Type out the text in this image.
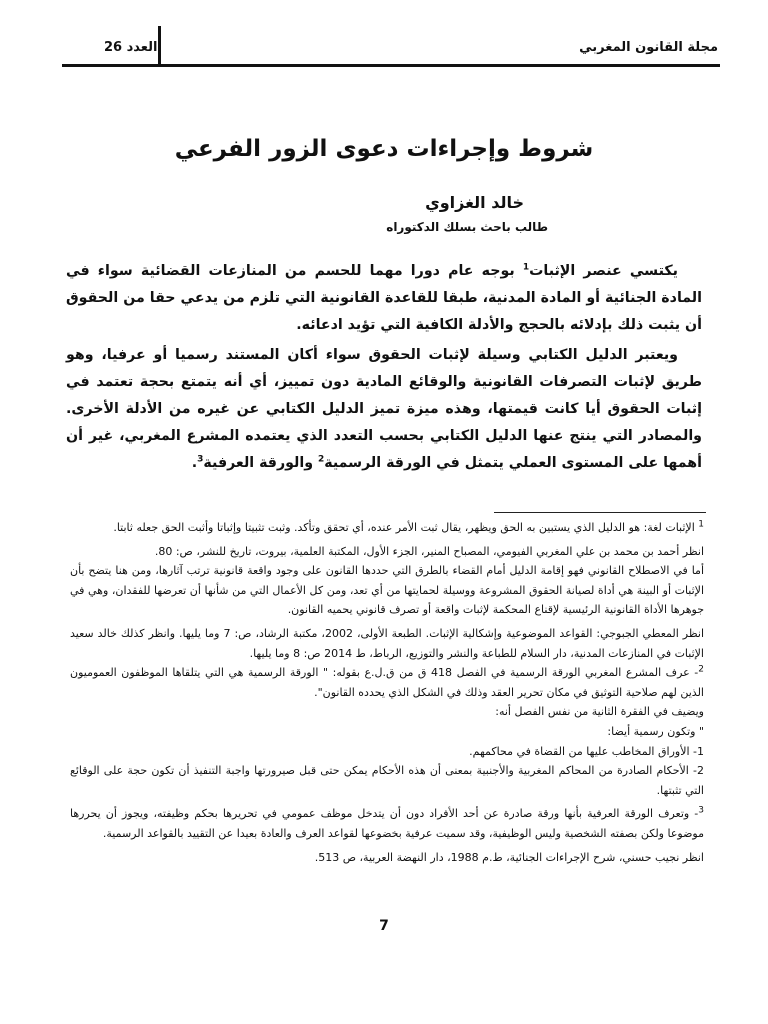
مجلة القانون المغربي
العدد 26
شروط وإجراءات دعوى الزور الفرعي
خالد الغزاوي
طالب باحث بسلك الدكتوراه

يكتسي عنصر الإثبات$^1$ بوجه عام دورا مهما للحسم من المنازعات القضائية سواء في المادة الجنائية أو المادة المدنية، طبقا للقاعدة القانونية التي تلزم من يدعي حقا من الحقوق أن يثبت ذلك بإدلائه بالحجج والأدلة الكافية التي تؤيد ادعائه.

ويعتبر الدليل الكتابي وسيلة لإثبات الحقوق سواء أكان المستند رسميا أو عرفيا، وهو طريق لإثبات التصرفات القانونية والوقائع المادية دون تمييز، أي أنه يتمتع بحجة تعتمد في إثبات الحقوق أيا كانت قيمتها، وهذه ميزة تميز الدليل الكتابي عن غيره من الأدلة الأخرى. والمصادر التي ينتج عنها الدليل الكتابي بحسب التعدد الذي يعتمده المشرع المغربي، غير أن أهمها على المستوى العملي يتمثل في الورقة الرسمية$^2$ والورقة العرفية$^3$.

$^1$ الإثبات لغة: هو الدليل الذي يستبين به الحق ويظهر، يقال ثبت الأمر عنده، أي تحقق وتأكد. وثبت تثبيتا وإثباتا وأثبت الحق جعله ثابتا.

انظر أحمد بن محمد بن علي المغربي الفيومي، المصباح المنير، الجزء الأول، المكتبة العلمية، بيروت، تاريخ للنشر، ص: 80.

أما في الاصطلاح القانوني فهو إقامة الدليل أمام القضاء بالطرق التي حددها القانون على وجود واقعة قانونية ترتب آثارها، ومن هنا يتضح بأن الإثبات أو البينة هي أداة لصيانة الحقوق المشروعة ووسيلة لحمايتها من أي تعد، ومن كل الأعمال التي من شأنها أن تعرضها للفقدان، وهي في جوهرها الأداة القانونية الرئيسية لإقناع المحكمة لإثبات واقعة أو تصرف قانوني يحميه القانون.

انظر المعطي الجبوجي: القواعد الموضوعية وإشكالية الإثبات. الطبعة الأولى، 2002، مكتبة الرشاد، ص: 7 وما يليها. وانظر كذلك خالد سعيد الإثبات في المنازعات المدنية، دار السلام للطباعة والنشر والتوزيع، الرباط، ط 2014 ص: 8 وما يليها.

$^2$- عرف المشرع المغربي الورقة الرسمية في الفصل 418 ق من ق.ل.ع بقوله: " الورقة الرسمية هي التي يتلقاها الموظفون العموميون الذين لهم صلاحية التوثيق في مكان تحرير العقد وذلك في الشكل الذي يحدده القانون".

ويضيف في الفقرة الثانية من نفس الفصل أنه:

" وتكون رسمية أيضا:

1- الأوراق المخاطب عليها من القضاة في محاكمهم.

2- الأحكام الصادرة من المحاكم المغربية والأجنبية بمعنى أن هذه الأحكام يمكن حتى قبل صيرورتها واجبة التنفيذ أن تكون حجة على الوقائع التي تثبتها.

$^3$- وتعرف الورقة العرفية بأنها ورقة صادرة عن أحد الأفراد دون أن يتدخل موظف عمومي في تحريرها بحكم وظيفته، ويجوز أن يحررها موضوعا ولكن بصفته الشخصية وليس الوظيفية، وقد سميت عرفية بخضوعها لقواعد العرف والعادة بعيدا عن التقييد بالقواعد الرسمية.

انظر نجيب حسني، شرح الإجراءات الجنائية، ط.م 1988، دار النهضة العربية، ص 513.

7
